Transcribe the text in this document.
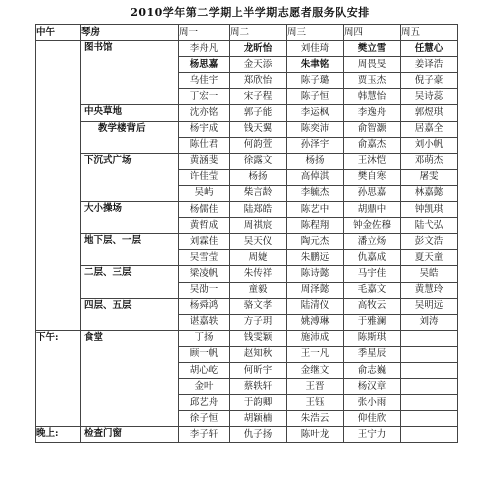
2010学年第二学期上半学期志愿者服务队安排
中午	琴房	周一	周二	周三	周四	周五
	图书馆	李舟凡	龙昕怡	刘佳琦	樊立雪	任慧心
		杨思嘉	金天添	朱聿铭	周畏旻	姜译浩
		乌佳宇	郑欣怡	陈子璐	贾玉杰	倪子豪
		丁宏一	宋子程	陈子恒	韩慧怡	吴诗蕊
	中央草地	沈亦铭	郭子能	李运枫	李逸舟	郭煜琪
	教学楼背后	杨宇成	钱天翼	陈奕沛	俞智灏	居嘉全
		陈仕君	何韵萱	孙泽宇	俞嘉杰	刘小帆
	下沉式广场	黄涵斐	徐露文	杨扬	王沐恺	邓萌杰
		许佳莹	杨扬	高倬淇	樊自寒	屠雯
		吴屿	柴言龄	李毓杰	孙思嘉	林嘉懿
	大小操场	杨儒佳	陆郑皓	陈艺中	胡鼎中	钟凯琪
		黄哲成	周祺宸	陈程翔	钟金佐穆	陆弋弘
	地下层、一层	刘霖佳	吴天仪	陶元杰	潘立炀	彭文浩
		吴雪莹	周婕	朱鹏远	仇嘉成	夏天童
	二层、三层	梁凌帆	朱传祥	陈诗懿	马宇佳	吴皓
		吴劭一	童毅	周泽懿	毛嘉文	黄慧玲
	四层、五层	杨舜鸿	骆文孝	陆清仪	高牧云	吴明远
		谌嘉轶	方子玥	姚溥琳	于雅澜	刘涛
下午:	食堂	丁扬	钱雯颖	施沛成	陈斯琪	
		顾一帆	赵知秋	王一凡	季星辰	
		胡心屹	何昕宇	金继文	俞志巍	
		金叶	蔡轶轩	王晋	杨汉章	
		邱艺舟	于韵卿	王钰	张小雨	
		徐子恒	胡颖楠	朱浩云	仰佳欣	
晚上:	检查门窗	李子轩	仇子扬	陈叶龙	王宁力	
